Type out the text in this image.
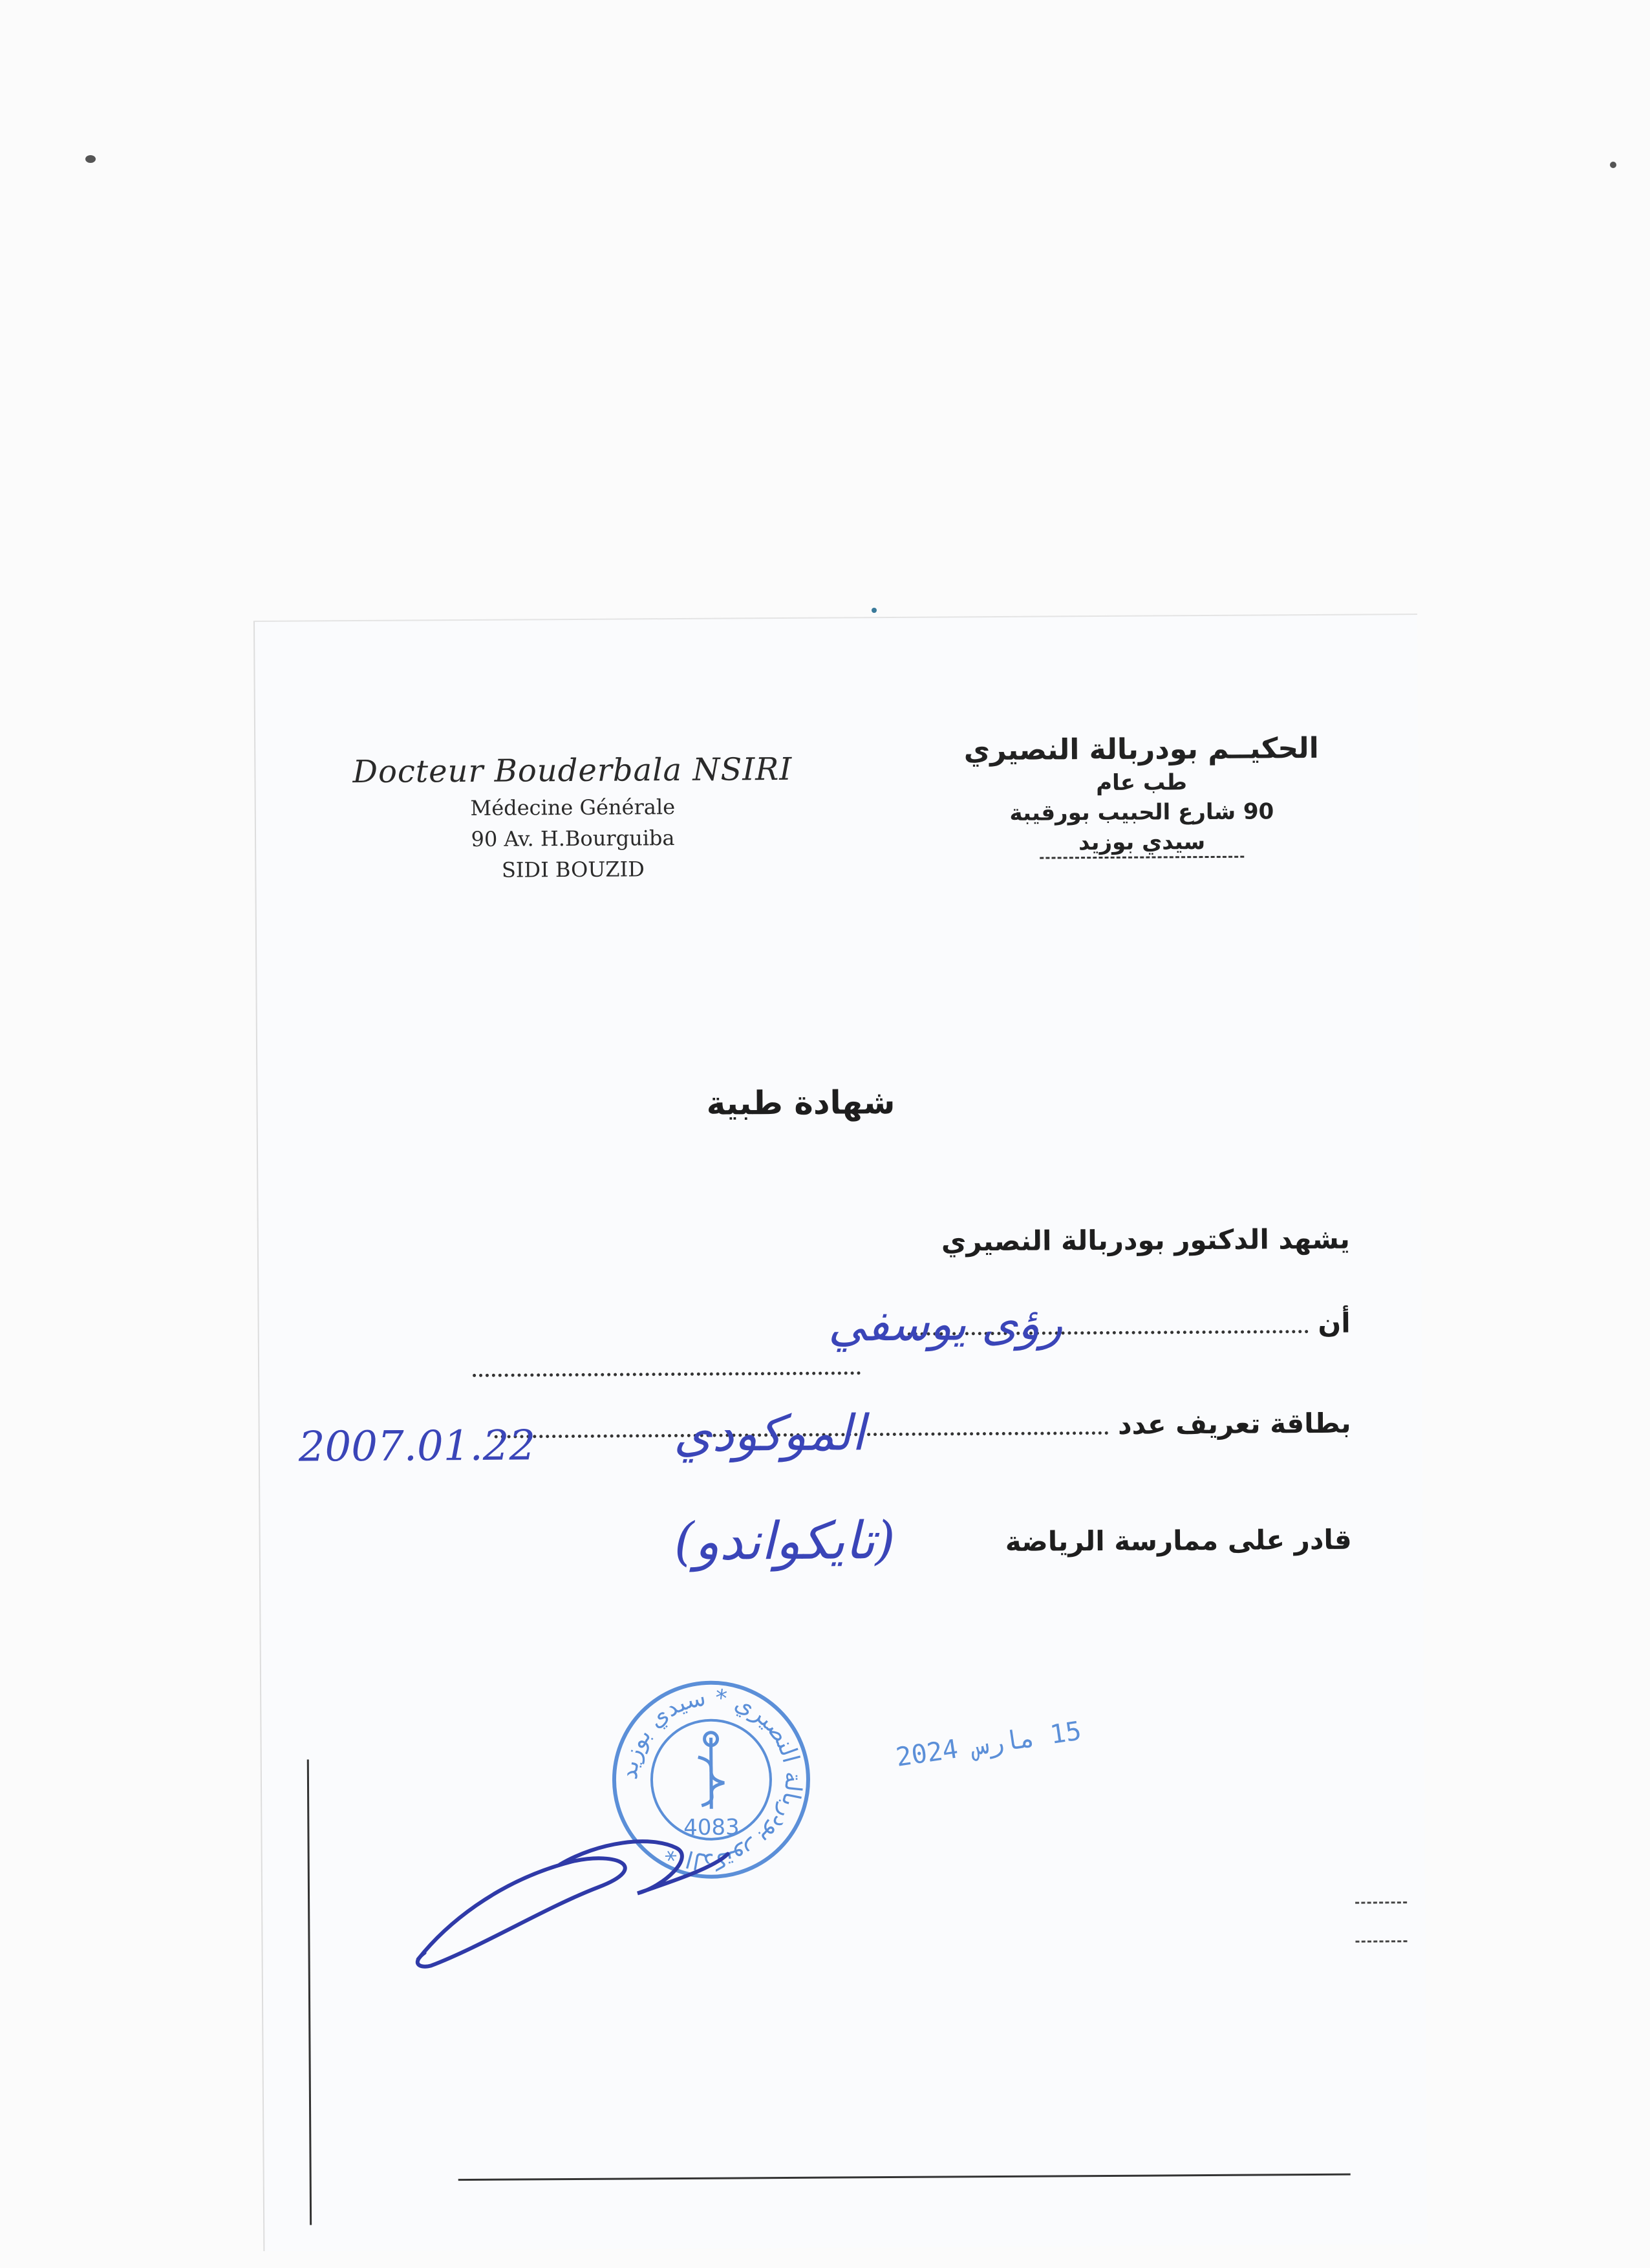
Docteur Bouderbala NSIRI
Médecine Générale
90 Av. H.Bourguiba
SIDI BOUZID
الحكيــم بودربالة النصيري
طب عام
90 شارع الحبيب بورقيبة
سيدي بوزيد
شهادة طبية
يشهد الدكتور بودربالة النصيري
أن
بطاقة تعريف عدد
قادر على ممارسة الرياضة
رؤى يوسفي
الموكودي
2007.01.22
(تايكواندو)
الدكتور بودربالة النصيري * سيدي بوزيد *
4083
15 مارس 2024
